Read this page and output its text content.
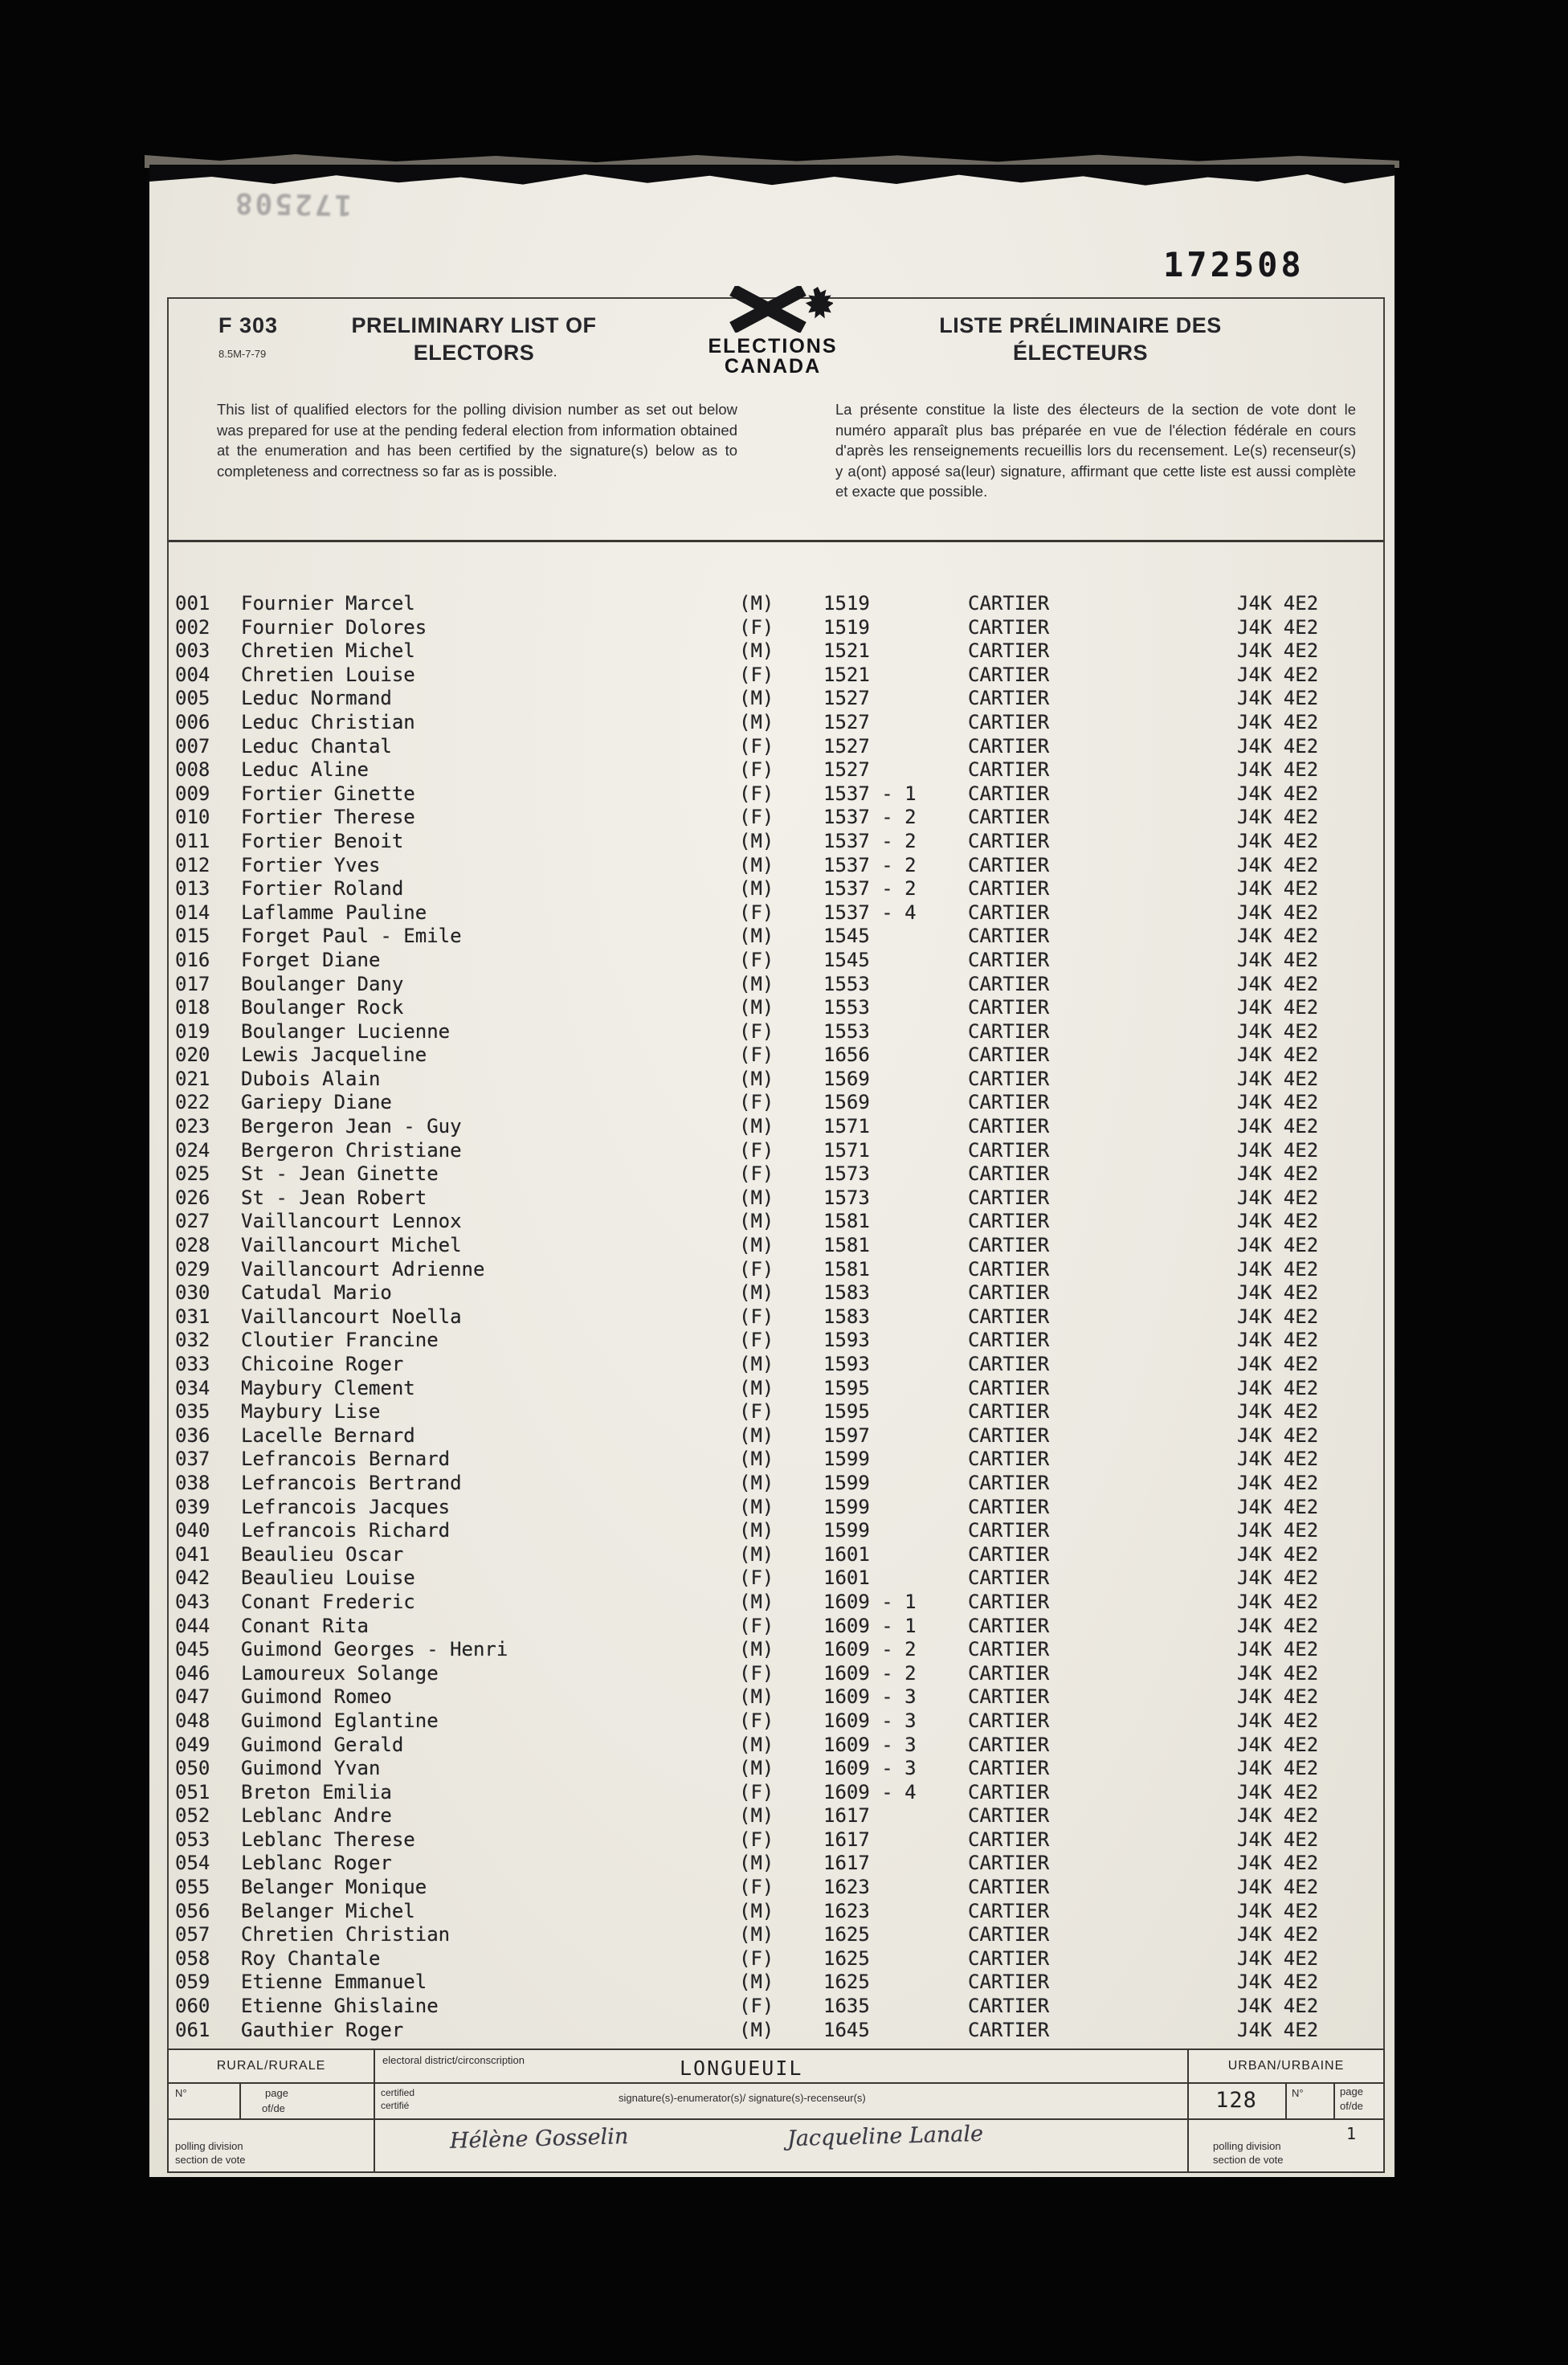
172508
172508
F 303
8.5M-7-79
PRELIMINARY LIST OF
ELECTORS	ELECTIONS
CANADA
LISTE PRÉLIMINAIRE DES
ÉLECTEURS

This list of qualified electors for the polling division number as set out below was prepared for use at the pending federal election from information obtained at the enumeration and has been certified by the signature(s) below as to completeness and correctness so far as is possible.

La présente constitue la liste des électeurs de la section de vote dont le numéro apparaît plus bas préparée en vue de l'élection fédérale en cours d'après les renseignements recueillis lors du recensement. Le(s) recenseur(s) y a(ont) apposé sa(leur) signature, affirmant que cette liste est aussi complète et exacte que possible.

001	Fournier Marcel	(M)	1519	CARTIER	J4K 4E2
002	Fournier Dolores	(F)	1519	CARTIER	J4K 4E2
003	Chretien Michel	(M)	1521	CARTIER	J4K 4E2
004	Chretien Louise	(F)	1521	CARTIER	J4K 4E2
005	Leduc Normand	(M)	1527	CARTIER	J4K 4E2
006	Leduc Christian	(M)	1527	CARTIER	J4K 4E2
007	Leduc Chantal	(F)	1527	CARTIER	J4K 4E2
008	Leduc Aline	(F)	1527	CARTIER	J4K 4E2
009	Fortier Ginette	(F)	1537 - 1	CARTIER	J4K 4E2
010	Fortier Therese	(F)	1537 - 2	CARTIER	J4K 4E2
011	Fortier Benoit	(M)	1537 - 2	CARTIER	J4K 4E2
012	Fortier Yves	(M)	1537 - 2	CARTIER	J4K 4E2
013	Fortier Roland	(M)	1537 - 2	CARTIER	J4K 4E2
014	Laflamme Pauline	(F)	1537 - 4	CARTIER	J4K 4E2
015	Forget Paul - Emile	(M)	1545	CARTIER	J4K 4E2
016	Forget Diane	(F)	1545	CARTIER	J4K 4E2
017	Boulanger Dany	(M)	1553	CARTIER	J4K 4E2
018	Boulanger Rock	(M)	1553	CARTIER	J4K 4E2
019	Boulanger Lucienne	(F)	1553	CARTIER	J4K 4E2
020	Lewis Jacqueline	(F)	1656	CARTIER	J4K 4E2
021	Dubois Alain	(M)	1569	CARTIER	J4K 4E2
022	Gariepy Diane	(F)	1569	CARTIER	J4K 4E2
023	Bergeron Jean - Guy	(M)	1571	CARTIER	J4K 4E2
024	Bergeron Christiane	(F)	1571	CARTIER	J4K 4E2
025	St - Jean Ginette	(F)	1573	CARTIER	J4K 4E2
026	St - Jean Robert	(M)	1573	CARTIER	J4K 4E2
027	Vaillancourt Lennox	(M)	1581	CARTIER	J4K 4E2
028	Vaillancourt Michel	(M)	1581	CARTIER	J4K 4E2
029	Vaillancourt Adrienne	(F)	1581	CARTIER	J4K 4E2
030	Catudal Mario	(M)	1583	CARTIER	J4K 4E2
031	Vaillancourt Noella	(F)	1583	CARTIER	J4K 4E2
032	Cloutier Francine	(F)	1593	CARTIER	J4K 4E2
033	Chicoine Roger	(M)	1593	CARTIER	J4K 4E2
034	Maybury Clement	(M)	1595	CARTIER	J4K 4E2
035	Maybury Lise	(F)	1595	CARTIER	J4K 4E2
036	Lacelle Bernard	(M)	1597	CARTIER	J4K 4E2
037	Lefrancois Bernard	(M)	1599	CARTIER	J4K 4E2
038	Lefrancois Bertrand	(M)	1599	CARTIER	J4K 4E2
039	Lefrancois Jacques	(M)	1599	CARTIER	J4K 4E2
040	Lefrancois Richard	(M)	1599	CARTIER	J4K 4E2
041	Beaulieu Oscar	(M)	1601	CARTIER	J4K 4E2
042	Beaulieu Louise	(F)	1601	CARTIER	J4K 4E2
043	Conant Frederic	(M)	1609 - 1	CARTIER	J4K 4E2
044	Conant Rita	(F)	1609 - 1	CARTIER	J4K 4E2
045	Guimond Georges - Henri	(M)	1609 - 2	CARTIER	J4K 4E2
046	Lamoureux Solange	(F)	1609 - 2	CARTIER	J4K 4E2
047	Guimond Romeo	(M)	1609 - 3	CARTIER	J4K 4E2
048	Guimond Eglantine	(F)	1609 - 3	CARTIER	J4K 4E2
049	Guimond Gerald	(M)	1609 - 3	CARTIER	J4K 4E2
050	Guimond Yvan	(M)	1609 - 3	CARTIER	J4K 4E2
051	Breton Emilia	(F)	1609 - 4	CARTIER	J4K 4E2
052	Leblanc Andre	(M)	1617	CARTIER	J4K 4E2
053	Leblanc Therese	(F)	1617	CARTIER	J4K 4E2
054	Leblanc Roger	(M)	1617	CARTIER	J4K 4E2
055	Belanger Monique	(F)	1623	CARTIER	J4K 4E2
056	Belanger Michel	(M)	1623	CARTIER	J4K 4E2
057	Chretien Christian	(M)	1625	CARTIER	J4K 4E2
058	Roy Chantale	(F)	1625	CARTIER	J4K 4E2
059	Etienne Emmanuel	(M)	1625	CARTIER	J4K 4E2
060	Etienne Ghislaine	(F)	1635	CARTIER	J4K 4E2
061	Gauthier Roger	(M)	1645	CARTIER	J4K 4E2
RURAL/RURALE	electoral district/circonscription	LONGUEUIL	URBAN/URBAINE
N°	page
of/de
certified
certifié
signature(s)-enumerator(s)/ signature(s)-recenseur(s)	128	N°	page
of/de
1
Hélène Gosselin	Jacqueline Lanale
polling division
section de vote
polling division
section de vote
